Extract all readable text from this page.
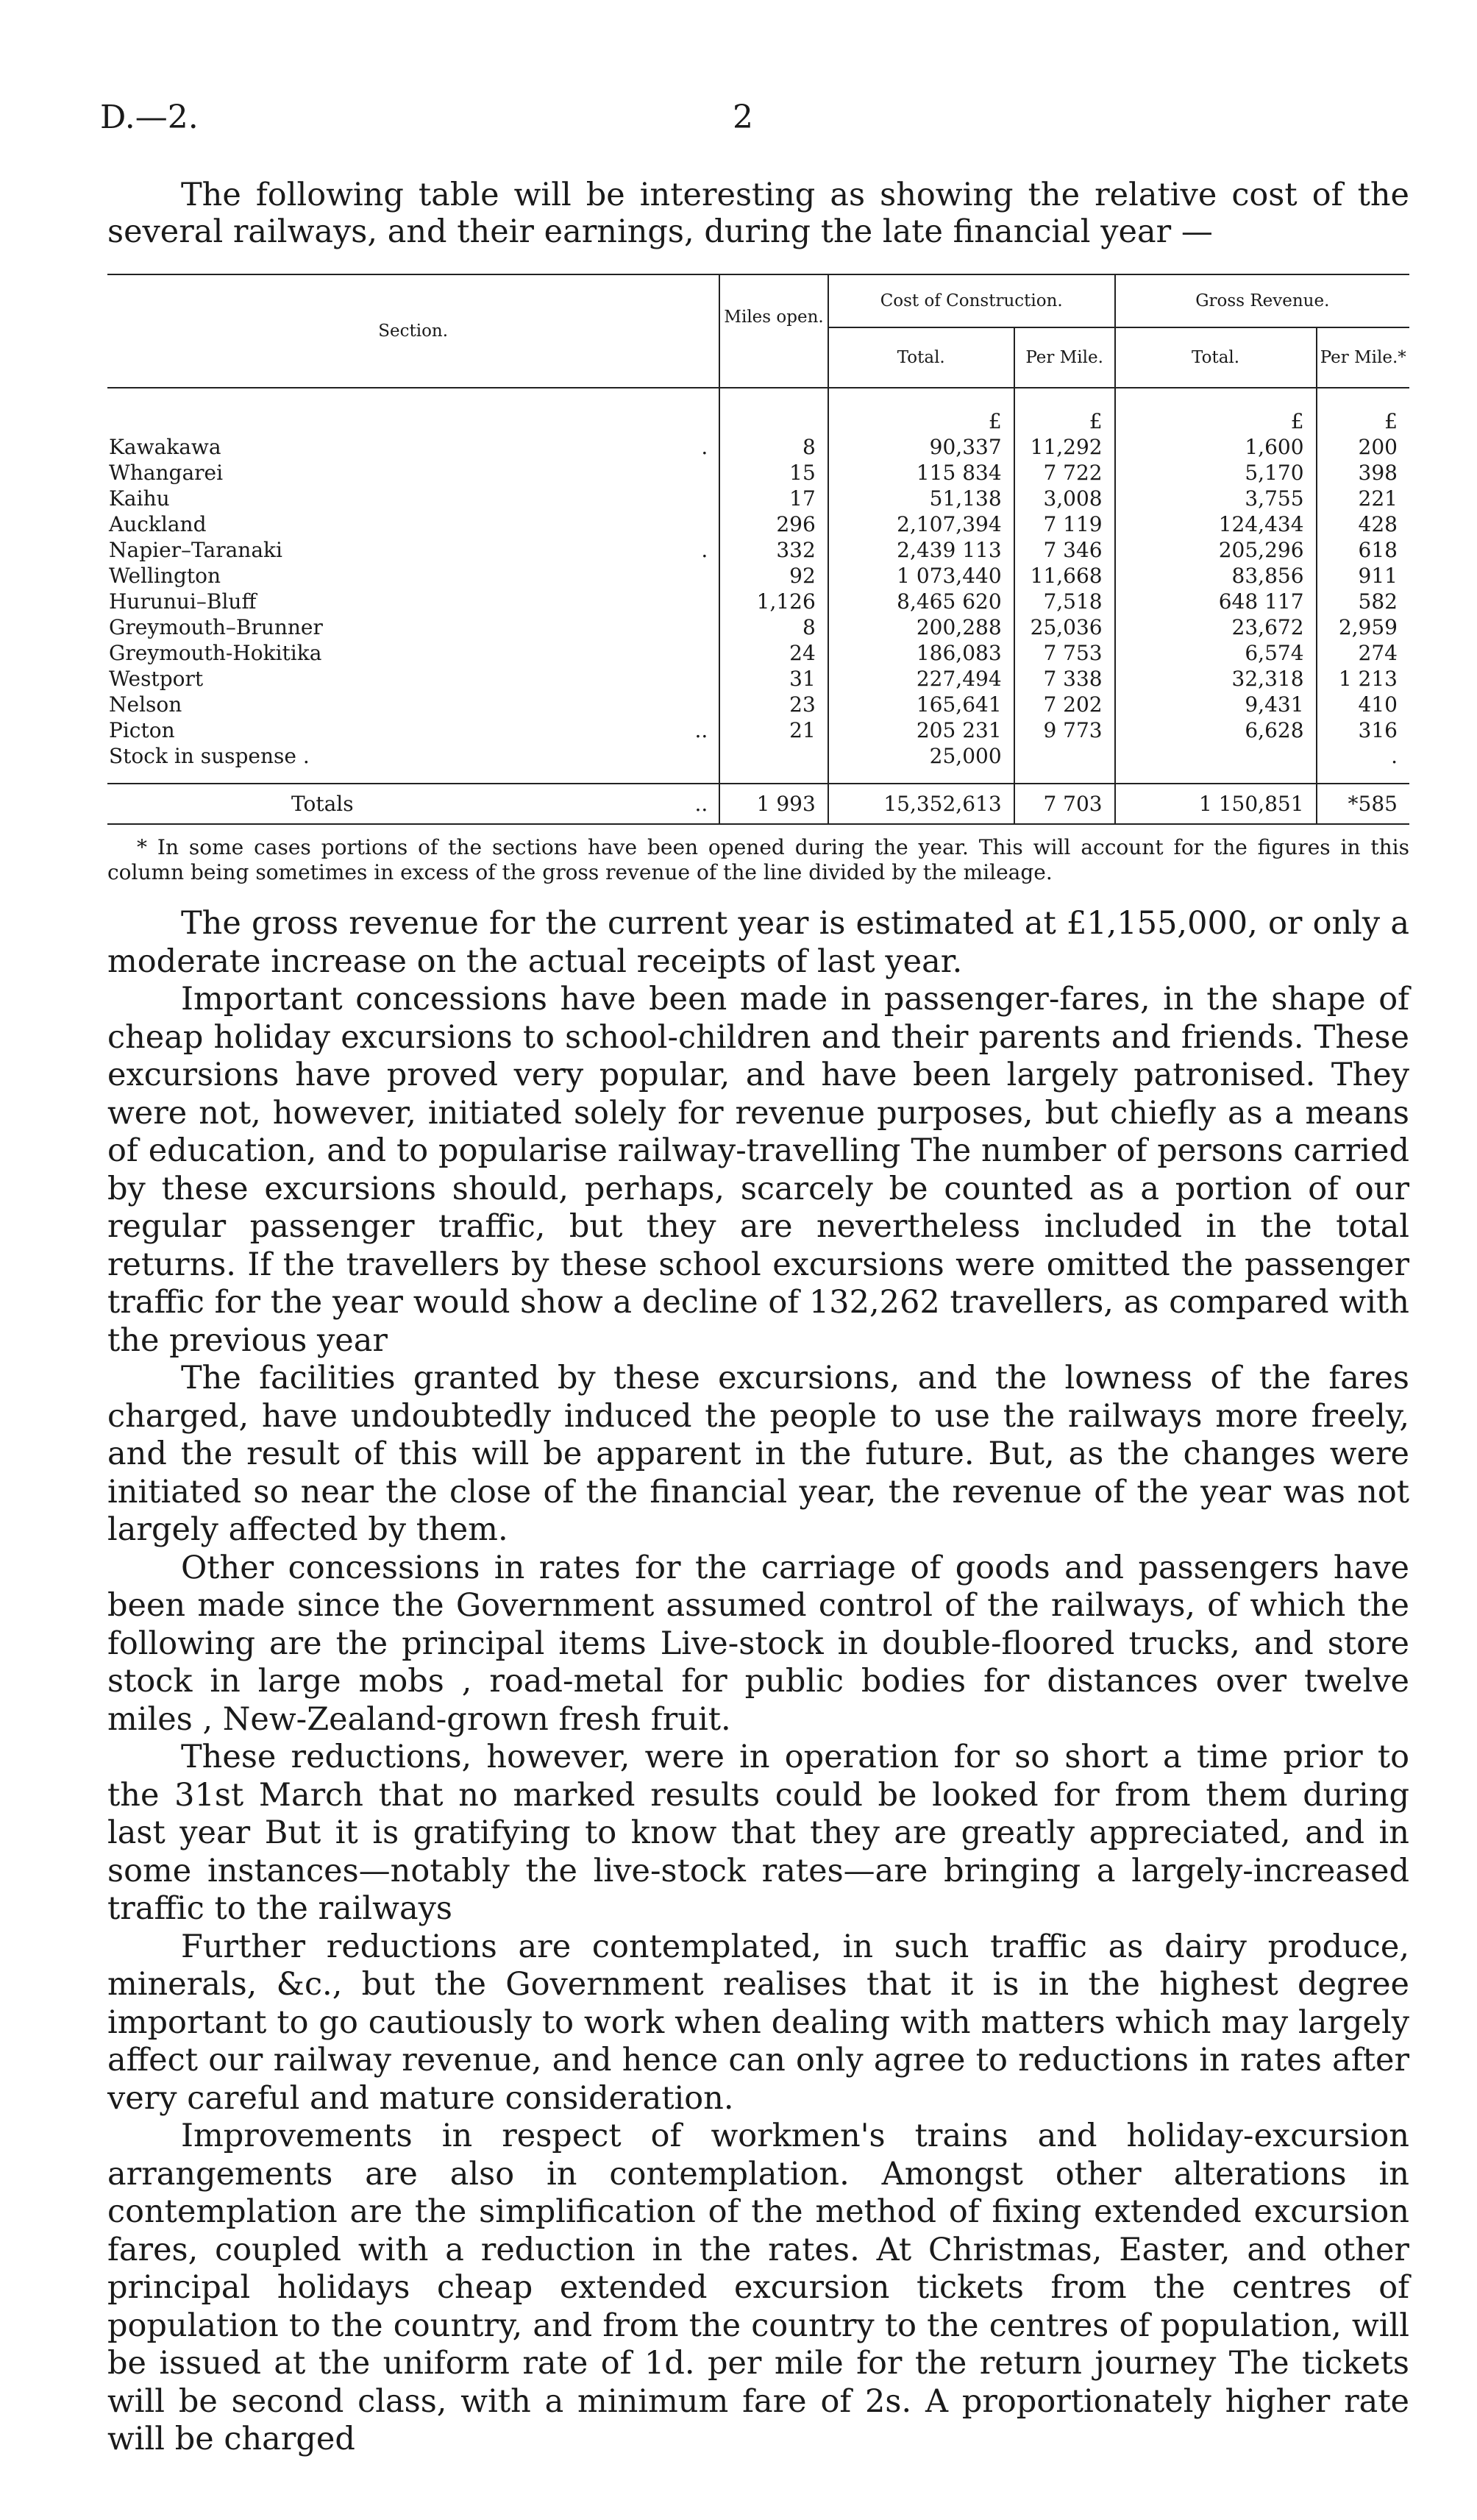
D.—2.	2

The following table will be interesting as showing the relative cost of the several railways, and their earnings, during the late financial year —

Section.	Miles open.	Cost of Construction.		Gross Revenue.	
		Total.	Per Mile.	Total.	Per Mile.*
		£	£	£	£
Kawakawa .	8	90,337	11,292	1,600	200
Whangarei	15	115 834	7 722	5,170	398
Kaihu	17	51,138	3,008	3,755	221
Auckland	296	2,107,394	7 119	124,434	428
Napier–Taranaki .	332	2,439 113	7 346	205,296	618
Wellington	92	1 073,440	11,668	83,856	911
Hurunui–Bluff	1,126	8,465 620	7,518	648 117	582
Greymouth–Brunner	8	200,288	25,036	23,672	2,959
Greymouth-Hokitika	24	186,083	7 753	6,574	274
Westport	31	227,494	7 338	32,318	1 213
Nelson	23	165,641	7 202	9,431	410
Picton ..	21	205 231	9 773	6,628	316
Stock in suspense .		25,000			.
Totals ..	1 993	15,352,613	7 703	1 150,851	*585

* In some cases portions of the sections have been opened during the year. This will account for the figures in this column being sometimes in excess of the gross revenue of the line divided by the mileage.

The gross revenue for the current year is estimated at £1,155,000, or only a moderate increase on the actual receipts of last year.

Important concessions have been made in passenger-fares, in the shape of cheap holiday excursions to school-children and their parents and friends. These excursions have proved very popular, and have been largely patronised. They were not, however, initiated solely for revenue purposes, but chiefly as a means of education, and to popularise railway-travelling The number of persons carried by these excursions should, perhaps, scarcely be counted as a portion of our regular passenger traffic, but they are nevertheless included in the total returns. If the travellers by these school excursions were omitted the passenger traffic for the year would show a decline of 132,262 travellers, as compared with the previous year

The facilities granted by these excursions, and the lowness of the fares charged, have undoubtedly induced the people to use the railways more freely, and the result of this will be apparent in the future. But, as the changes were initiated so near the close of the financial year, the revenue of the year was not largely affected by them.

Other concessions in rates for the carriage of goods and passengers have been made since the Government assumed control of the railways, of which the following are the principal items Live-stock in double-floored trucks, and store stock in large mobs , road-metal for public bodies for distances over twelve miles , New-Zealand-grown fresh fruit.

These reductions, however, were in operation for so short a time prior to the 31st March that no marked results could be looked for from them during last year But it is gratifying to know that they are greatly appreciated, and in some instances—notably the live-stock rates—are bringing a largely-increased traffic to the railways

Further reductions are contemplated, in such traffic as dairy produce, minerals, &c., but the Government realises that it is in the highest degree important to go cautiously to work when dealing with matters which may largely affect our railway revenue, and hence can only agree to reductions in rates after very careful and mature consideration.

Improvements in respect of workmen's trains and holiday-excursion arrangements are also in contemplation. Amongst other alterations in contemplation are the simplification of the method of fixing extended excursion fares, coupled with a reduction in the rates. At Christmas, Easter, and other principal holidays cheap extended excursion tickets from the centres of population to the country, and from the country to the centres of population, will be issued at the uniform rate of 1d. per mile for the return journey The tickets will be second class, with a minimum fare of 2s. A proportionately higher rate will be charged
